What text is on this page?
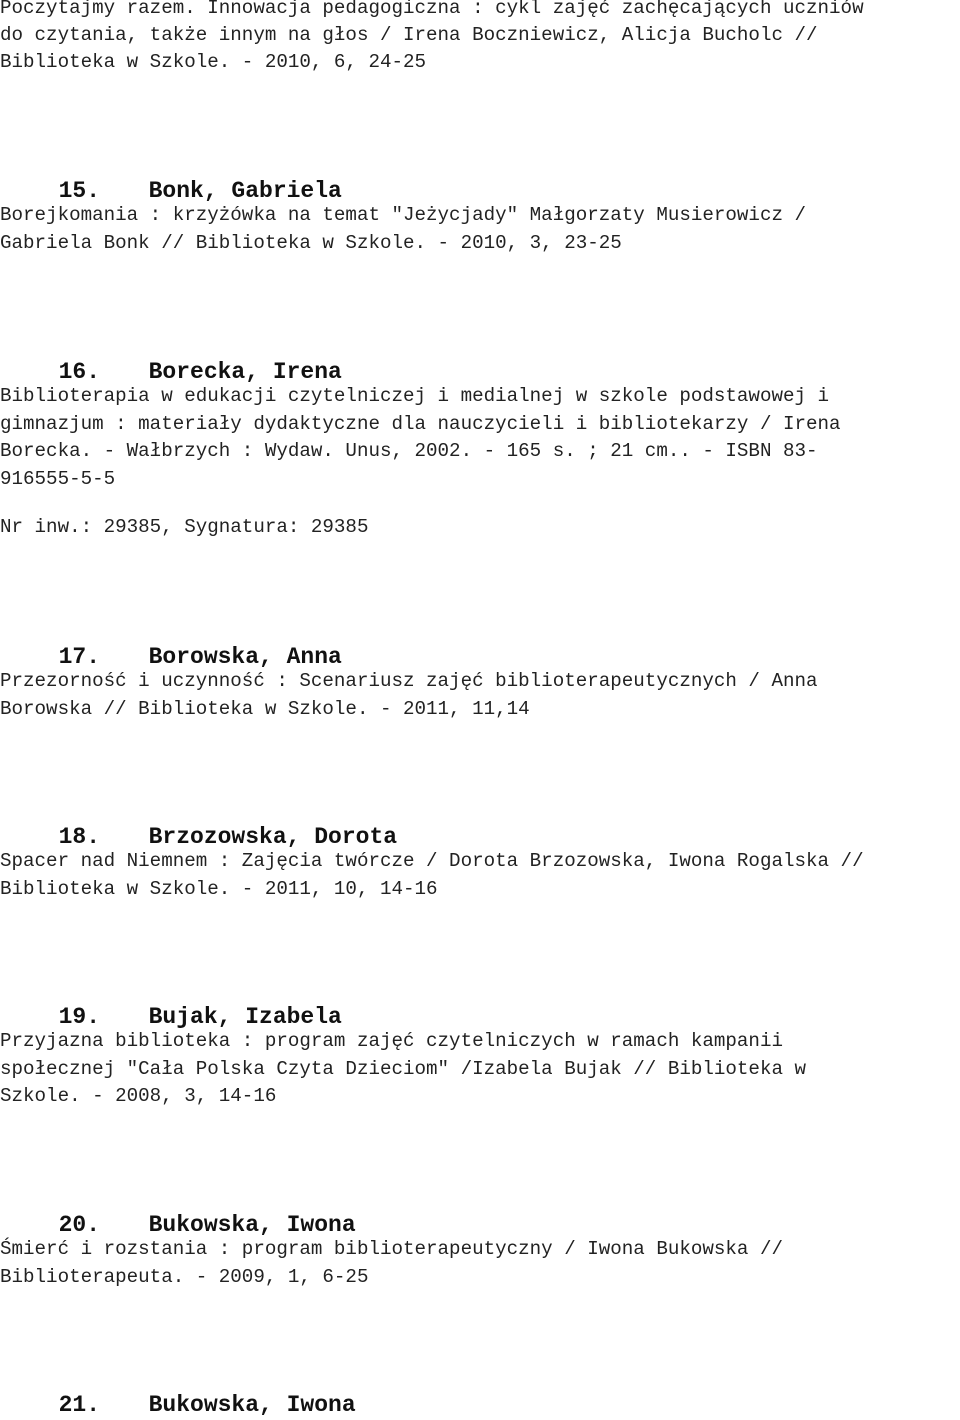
Poczytajmy razem. Innowacja pedagogiczna : cykl zajęć zachęcających uczniów
do czytania, także innym na głos / Irena Boczniewicz, Alicja Bucholc //
Biblioteka w Szkole. - 2010, 6, 24-25

15. Bonk, Gabriela

Borejkomania : krzyżówka na temat "Jeżycjady" Małgorzaty Musierowicz /
Gabriela Bonk // Biblioteka w Szkole. - 2010, 3, 23-25

16. Borecka, Irena

Biblioterapia w edukacji czytelniczej i medialnej w szkole podstawowej i
gimnazjum : materiały dydaktyczne dla nauczycieli i bibliotekarzy / Irena
Borecka. - Wałbrzych : Wydaw. Unus, 2002. - 165 s. ; 21 cm.. - ISBN 83-
916555-5-5
Nr inw.: 29385, Sygnatura: 29385

17. Borowska, Anna

Przezorność i uczynność : Scenariusz zajęć biblioterapeutycznych / Anna
Borowska // Biblioteka w Szkole. - 2011, 11,14

18. Brzozowska, Dorota

Spacer nad Niemnem : Zajęcia twórcze / Dorota Brzozowska, Iwona Rogalska //
Biblioteka w Szkole. - 2011, 10, 14-16

19. Bujak, Izabela

Przyjazna biblioteka : program zajęć czytelniczych w ramach kampanii
społecznej "Cała Polska Czyta Dzieciom" /Izabela Bujak // Biblioteka w
Szkole. - 2008, 3, 14-16

20. Bukowska, Iwona

Śmierć i rozstania : program biblioterapeutyczny / Iwona Bukowska //
Biblioterapeuta. - 2009, 1, 6-25

21. Bukowska, Iwona
